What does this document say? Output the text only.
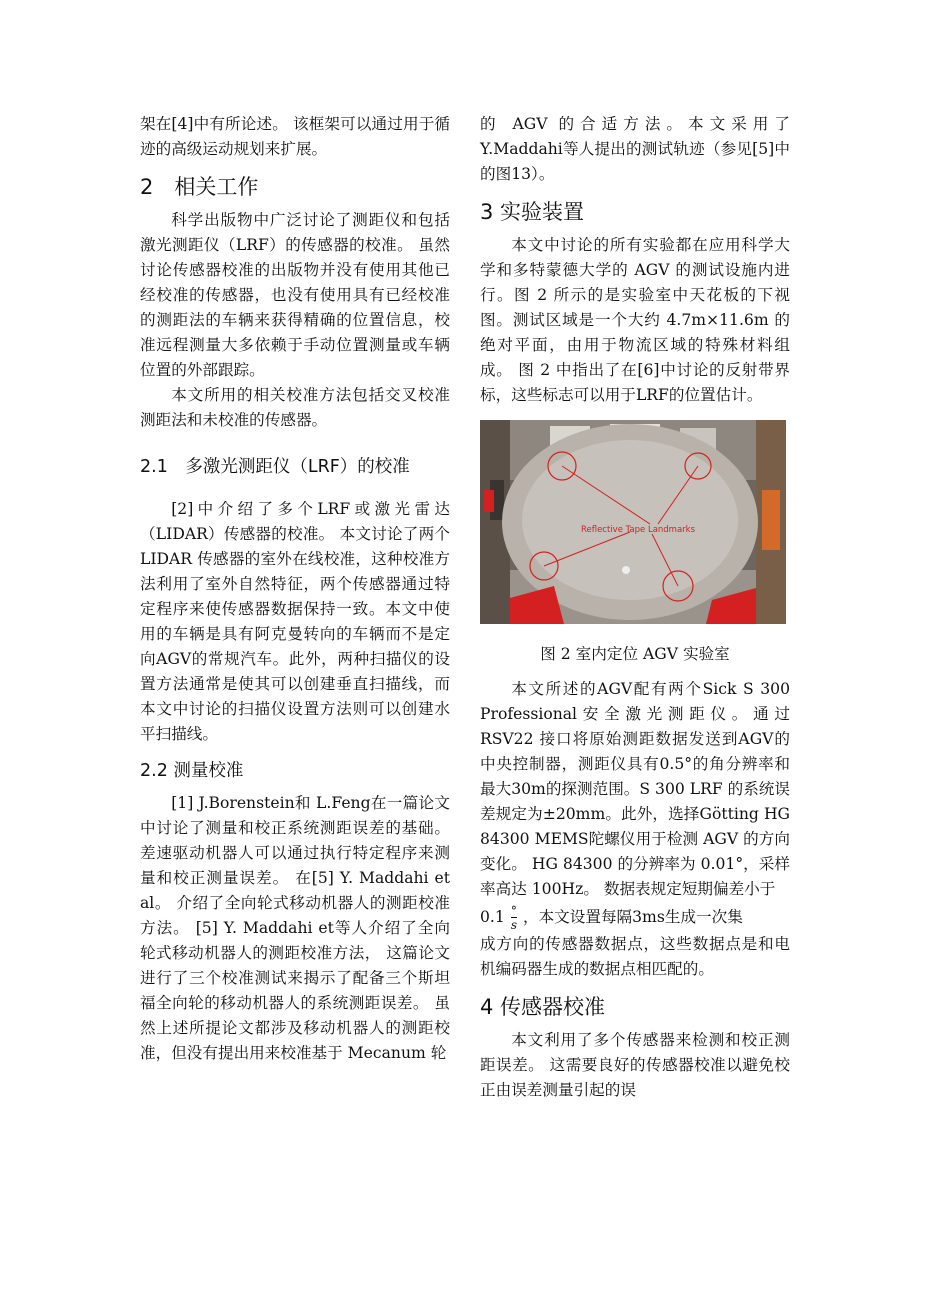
架在[4]中有所论述。 该框架可以通过用于循迹的高级运动规划来扩展。

2　相关工作

科学出版物中广泛讨论了测距仪和包括激光测距仪（LRF）的传感器的校准。 虽然讨论传感器校准的出版物并没有使用其他已经校准的传感器，也没有使用具有已经校准的测距法的车辆来获得精确的位置信息，校准远程测量大多依赖于手动位置测量或车辆位置的外部跟踪。

本文所用的相关校准方法包括交叉校准测距法和未校准的传感器。

2.1　多激光测距仪（LRF）的校准

[2]中介绍了多个LRF或激光雷达（LIDAR）传感器的校准。 本文讨论了两个 LIDAR 传感器的室外在线校准，这种校准方法利用了室外自然特征，两个传感器通过特定程序来使传感器数据保持一致。本文中使用的车辆是具有阿克曼转向的车辆而不是定向AGV的常规汽车。此外，两种扫描仪的设置方法通常是使其可以创建垂直扫描线，而本文中讨论的扫描仪设置方法则可以创建水平扫描线。

2.2 测量校准

[1] J.Borenstein和 L.Feng在一篇论文中讨论了测量和校正系统测距误差的基础。差速驱动机器人可以通过执行特定程序来测量和校正测量误差。 在[5] Y. Maddahi et al。 介绍了全向轮式移动机器人的测距校准方法。 [5] Y. Maddahi et等人介绍了全向轮式移动机器人的测距校准方法， 这篇论文进行了三个校准测试来揭示了配备三个斯坦福全向轮的移动机器人的系统测距误差。 虽然上述所提论文都涉及移动机器人的测距校准，但没有提出用来校准基于 Mecanum 轮

的 AGV 的合适方法。本文采用了Y.Maddahi等人提出的测试轨迹（参见[5]中的图13）。

3 实验装置

本文中讨论的所有实验都在应用科学大学和多特蒙德大学的 AGV 的测试设施内进行。图 2 所示的是实验室中天花板的下视图。测试区域是一个大约 4.7m×11.6m 的绝对平面，由用于物流区域的特殊材料组成。 图 2 中指出了在[6]中讨论的反射带界标，这些标志可以用于LRF的位置估计。

Reflective Tape Landmarks

图 2 室内定位 AGV 实验室

本文所述的AGV配有两个Sick S 300 Professional安全激光测距仪。通过 RSV22 接口将原始测距数据发送到AGV的中央控制器，测距仪具有0.5°的角分辨率和最大30m的探测范围。S 300 LRF 的系统误差规定为±20mm。此外，选择Götting HG 84300 MEMS陀螺仪用于检测 AGV 的方向变化。 HG 84300 的分辨率为 0.01°，采样率高达 100Hz。 数据表规定短期偏差小于

$0.1 \frac{^\circ}{s}$ ，本文设置每隔3ms生成一次集

成方向的传感器数据点，这些数据点是和电机编码器生成的数据点相匹配的。

4 传感器校准

本文利用了多个传感器来检测和校正测距误差。 这需要良好的传感器校准以避免校正由误差测量引起的误
